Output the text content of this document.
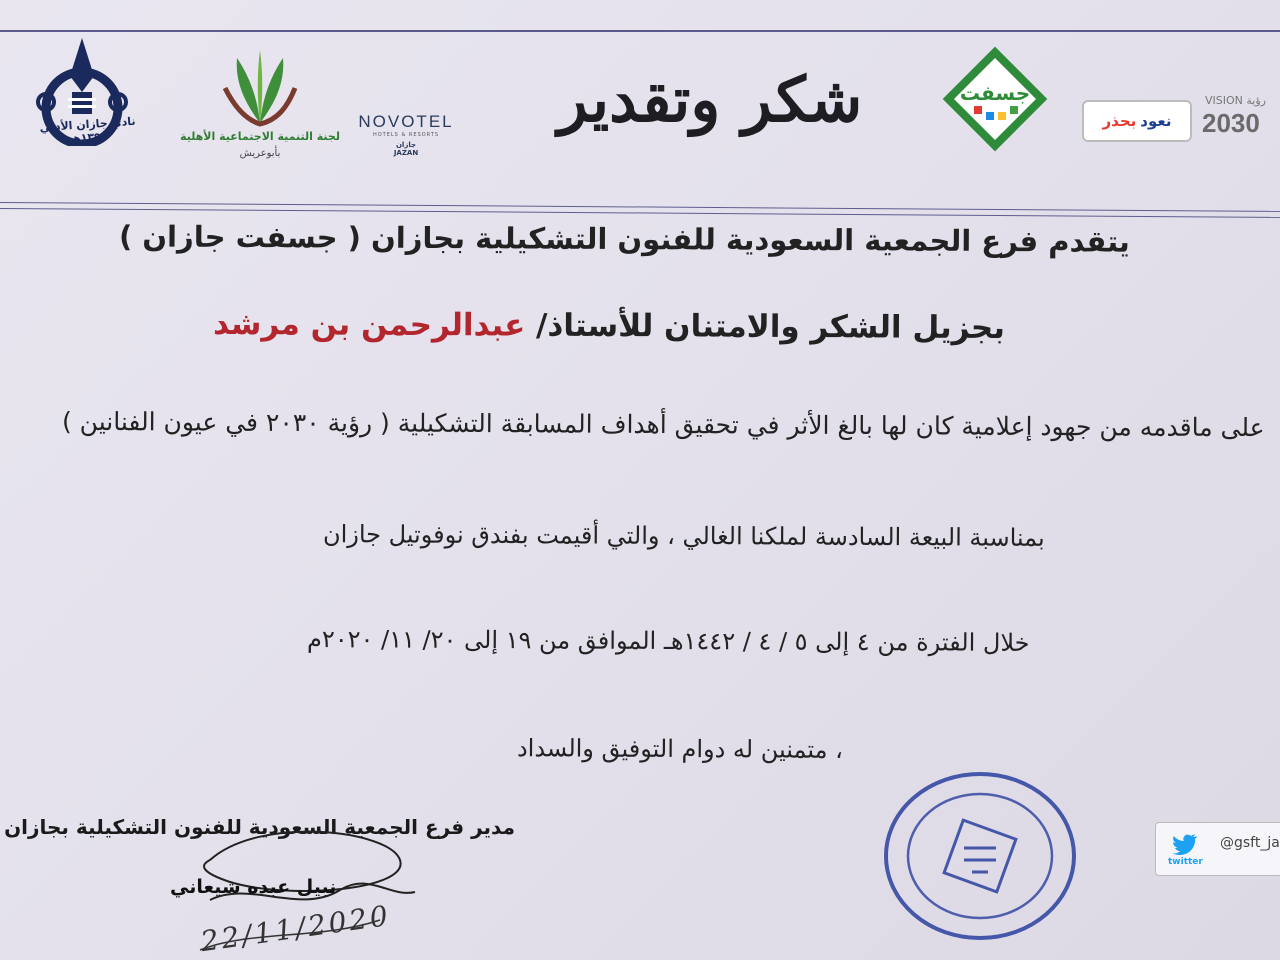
نادي جازان الأدبي ١٣٩٥هـ	لجنة التنمية الاجتماعية الأهلية
بأبوعريش
NOVOTEL
HOTELS & RESORTS
جازان
JAZAN
شكر وتقدير	جسفت
نعود
بحذر
VISION رؤية
2030
يتقدم فرع الجمعية السعودية للفنون التشكيلية بجازان ( جسفت جازان )
بجزيل الشكر والامتنان للأستاذ/ عبدالرحمن بن مرشد
على ماقدمه من جهود إعلامية كان لها بالغ الأثر في تحقيق أهداف المسابقة التشكيلية ( رؤية ٢٠٣٠ في عيون الفنانين )
بمناسبة البيعة السادسة لملكنا الغالي ، والتي أقيمت بفندق نوفوتيل جازان
خلال الفترة من ٤ إلى ٥ / ٤ / ١٤٤٢هـ الموافق من ١٩ إلى ٢٠/ ١١/ ٢٠٢٠م
، متمنين له دوام التوفيق والسداد
مدير فرع الجمعية السعودية للفنون التشكيلية بجازان
نبيل عبده شيعاني
22/11/2020
twitter
@gsft_ja
